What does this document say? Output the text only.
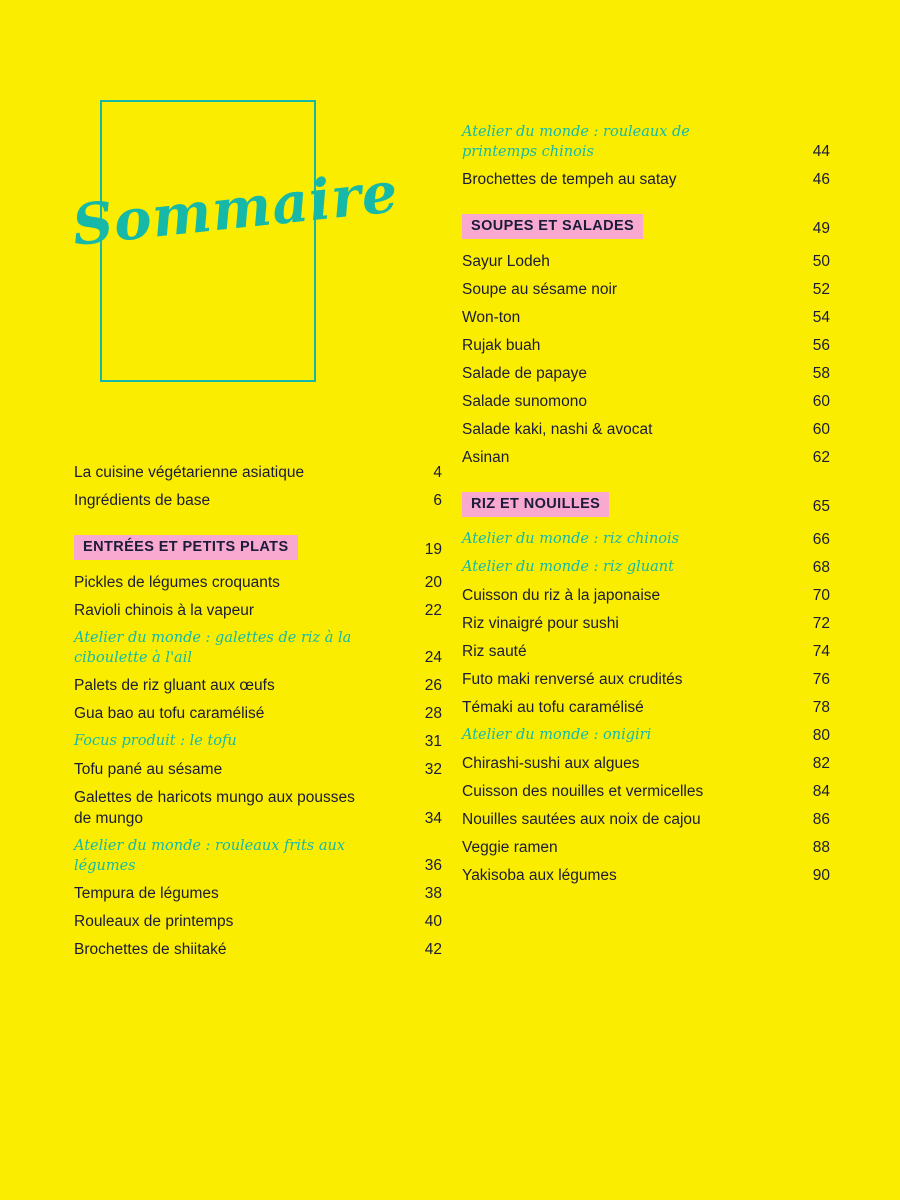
Sommaire
La cuisine végétarienne asiatique	4
Ingrédients de base	6
ENTRÉES ET PETITS PLATS	19
Pickles de légumes croquants	20
Ravioli chinois à la vapeur	22
Atelier du monde : galettes de riz à la ciboulette à l'ail	24
Palets de riz gluant aux œufs	26
Gua bao au tofu caramélisé	28
Focus produit : le tofu	31
Tofu pané au sésame	32
Galettes de haricots mungo aux pousses de mungo	34
Atelier du monde : rouleaux frits aux légumes	36
Tempura de légumes	38
Rouleaux de printemps	40
Brochettes de shiitaké	42
Atelier du monde : rouleaux de printemps chinois	44
Brochettes de tempeh au satay	46
SOUPES ET SALADES	49
Sayur Lodeh	50
Soupe au sésame noir	52
Won-ton	54
Rujak buah	56
Salade de papaye	58
Salade sunomono	60
Salade kaki, nashi & avocat	60
Asinan	62
RIZ ET NOUILLES	65
Atelier du monde : riz chinois	66
Atelier du monde : riz gluant	68
Cuisson du riz à la japonaise	70
Riz vinaigré pour sushi	72
Riz sauté	74
Futo maki renversé aux crudités	76
Témaki au tofu caramélisé	78
Atelier du monde : onigiri	80
Chirashi-sushi aux algues	82
Cuisson des nouilles et vermicelles	84
Nouilles sautées aux noix de cajou	86
Veggie ramen	88
Yakisoba aux légumes	90
